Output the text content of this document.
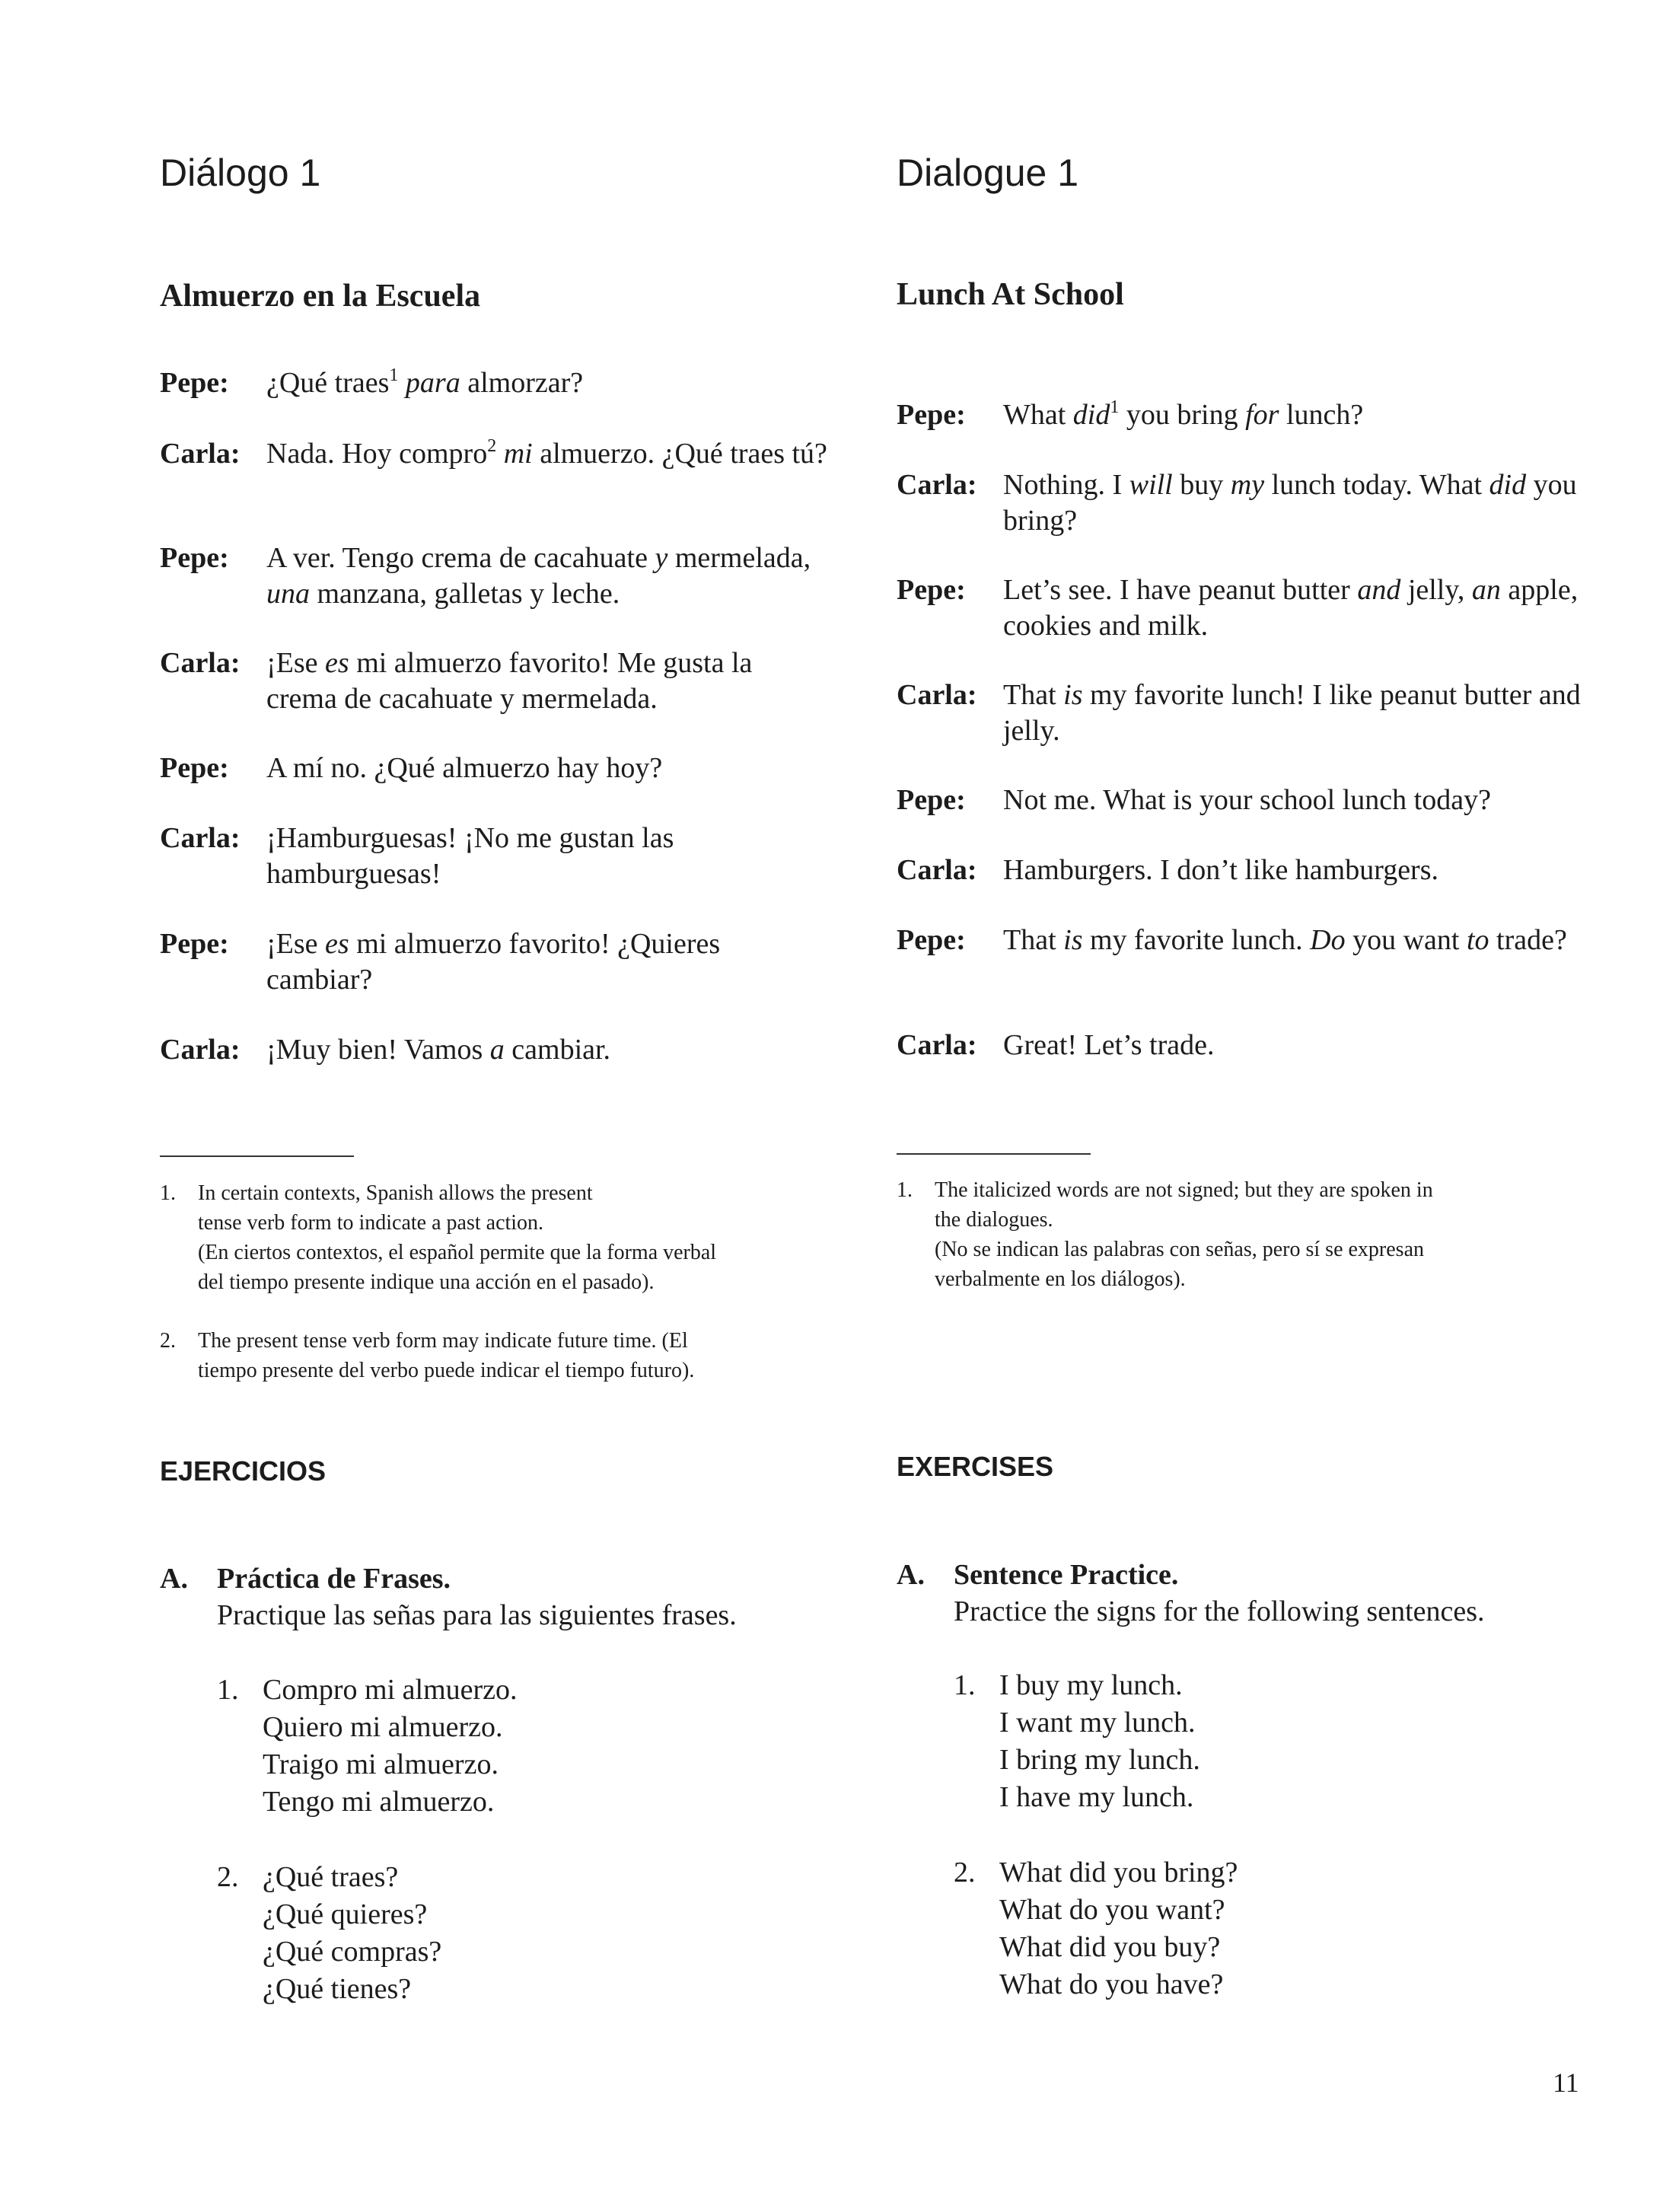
Diálogo 1
Almuerzo en la Escuela
Pepe: ¿Qué traes$^1$ para almorzar?
Carla: Nada. Hoy compro$^2$ mi almuerzo. ¿Qué traes tú?
Pepe: A ver. Tengo crema de cacahuate y mermelada, una manzana, galletas y leche.
Carla: ¡Ese es mi almuerzo favorito! Me gusta la crema de cacahuate y mermelada.
Pepe: A mí no. ¿Qué almuerzo hay hoy?
Carla: ¡Hamburguesas! ¡No me gustan las hamburguesas!
Pepe: ¡Ese es mi almuerzo favorito! ¿Quieres cambiar?
Carla: ¡Muy bien! Vamos a cambiar.
1. In certain contexts, Spanish allows the present
tense verb form to indicate a past action.
(En ciertos contextos, el español permite que la forma verbal
del tiempo presente indique una acción en el pasado).
2. The present tense verb form may indicate future time. (El
tiempo presente del verbo puede indicar el tiempo futuro).
EJERCICIOS
A. Práctica de Frases.
Practique las señas para las siguientes frases.
1. Compro mi almuerzo.
Quiero mi almuerzo.
Traigo mi almuerzo.
Tengo mi almuerzo.
2. ¿Qué traes?
¿Qué quieres?
¿Qué compras?
¿Qué tienes?
Dialogue 1
Lunch At School
Pepe: What did$^1$ you bring for lunch?
Carla: Nothing. I will buy my lunch today. What did you bring?
Pepe: Let’s see. I have peanut butter and jelly, an apple, cookies and milk.
Carla: That is my favorite lunch! I like peanut butter and jelly.
Pepe: Not me. What is your school lunch today?
Carla: Hamburgers. I don’t like hamburgers.
Pepe: That is my favorite lunch. Do you want to trade?
Carla: Great! Let’s trade.
1. The italicized words are not signed; but they are spoken in
the dialogues.
(No se indican las palabras con señas, pero sí se expresan
verbalmente en los diálogos).
EXERCISES
A. Sentence Practice.
Practice the signs for the following sentences.
1. I buy my lunch.
I want my lunch.
I bring my lunch.
I have my lunch.
2. What did you bring?
What do you want?
What did you buy?
What do you have?
11
